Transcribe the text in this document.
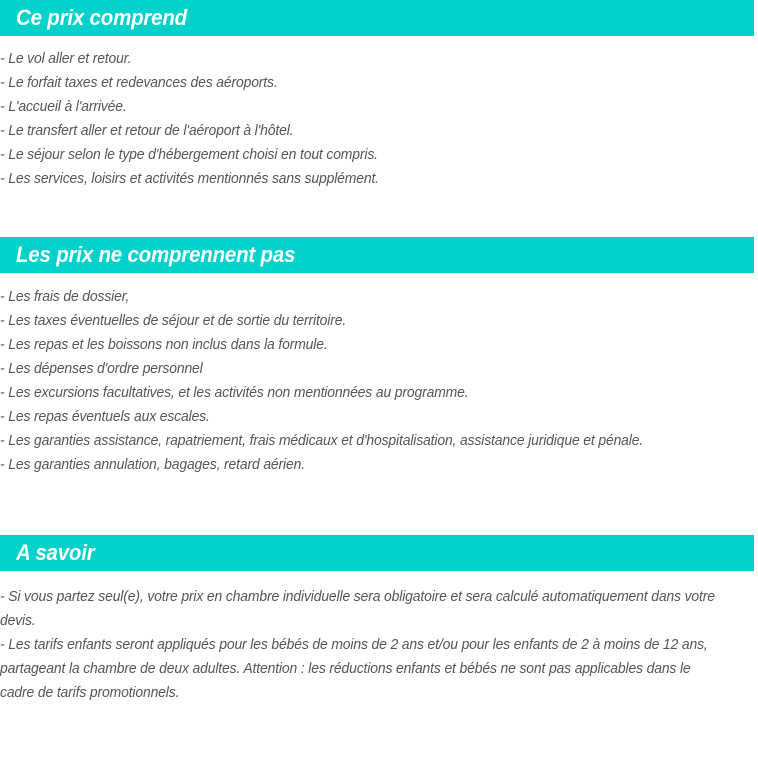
Ce prix comprend

- Le vol aller et retour.

- Le forfait taxes et redevances des aéroports.

- L'accueil à l'arrivée.

- Le transfert aller et retour de l'aéroport à l'hôtel.

- Le séjour selon le type d'hébergement choisi en tout compris.

- Les services, loisirs et activités mentionnés sans supplément.

Les prix ne comprennent pas

- Les frais de dossier,

- Les taxes éventuelles de séjour et de sortie du territoire.

- Les repas et les boissons non inclus dans la formule.

- Les dépenses d'ordre personnel

- Les excursions facultatives, et les activités non mentionnées au programme.

- Les repas éventuels aux escales.

- Les garanties assistance, rapatriement, frais médicaux et d'hospitalisation, assistance juridique et pénale.

- Les garanties annulation, bagages, retard aérien.

A savoir

- Si vous partez seul(e), votre prix en chambre individuelle sera obligatoire et sera calculé automatiquement dans votre devis.

- Les tarifs enfants seront appliqués pour les bébés de moins de 2 ans et/ou pour les enfants de 2 à moins de 12 ans, partageant la chambre de deux adultes. Attention : les réductions enfants et bébés ne sont pas applicables dans le cadre de tarifs promotionnels.
